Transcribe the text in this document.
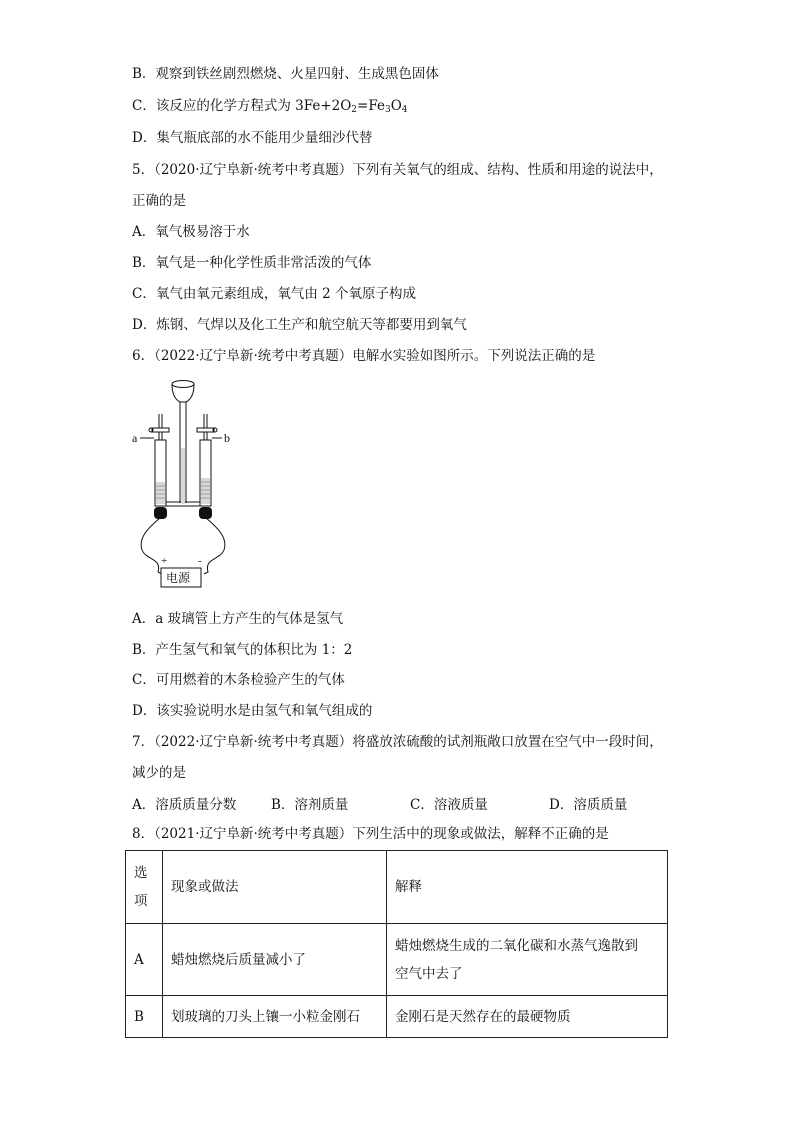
B．观察到铁丝剧烈燃烧、火星四射、生成黑色固体
C．该反应的化学方程式为 $3Fe+2O_2=Fe_3O_4$
D．集气瓶底部的水不能用少量细沙代替
5．（2020·辽宁阜新·统考中考真题）下列有关氧气的组成、结构、性质和用途的说法中，
正确的是
A．氧气极易溶于水
B．氧气是一种化学性质非常活泼的气体
C．氧气由氧元素组成，氧气由 2 个氧原子构成
D．炼钢、气焊以及化工生产和航空航天等都要用到氧气
6．（2022·辽宁阜新·统考中考真题）电解水实验如图所示。下列说法正确的是
a	b
+	-
电源
A．a 玻璃管上方产生的气体是氢气
B．产生氢气和氧气的体积比为 1：2
C．可用燃着的木条检验产生的气体
D．该实验说明水是由氢气和氧气组成的
7．（2022·辽宁阜新·统考中考真题）将盛放浓硫酸的试剂瓶敞口放置在空气中一段时间，
减少的是
A．溶质质量分数	B．溶剂质量	C．溶液质量	D．溶质质量
8．（2021·辽宁阜新·统考中考真题）下列生活中的现象或做法，解释不正确的是
选
项	现象或做法	解释
A	蜡烛燃烧后质量减小了	蜡烛燃烧生成的二氧化碳和水蒸气逸散到
空气中去了

B	划玻璃的刀头上镶一小粒金刚石	金刚石是天然存在的最硬物质
